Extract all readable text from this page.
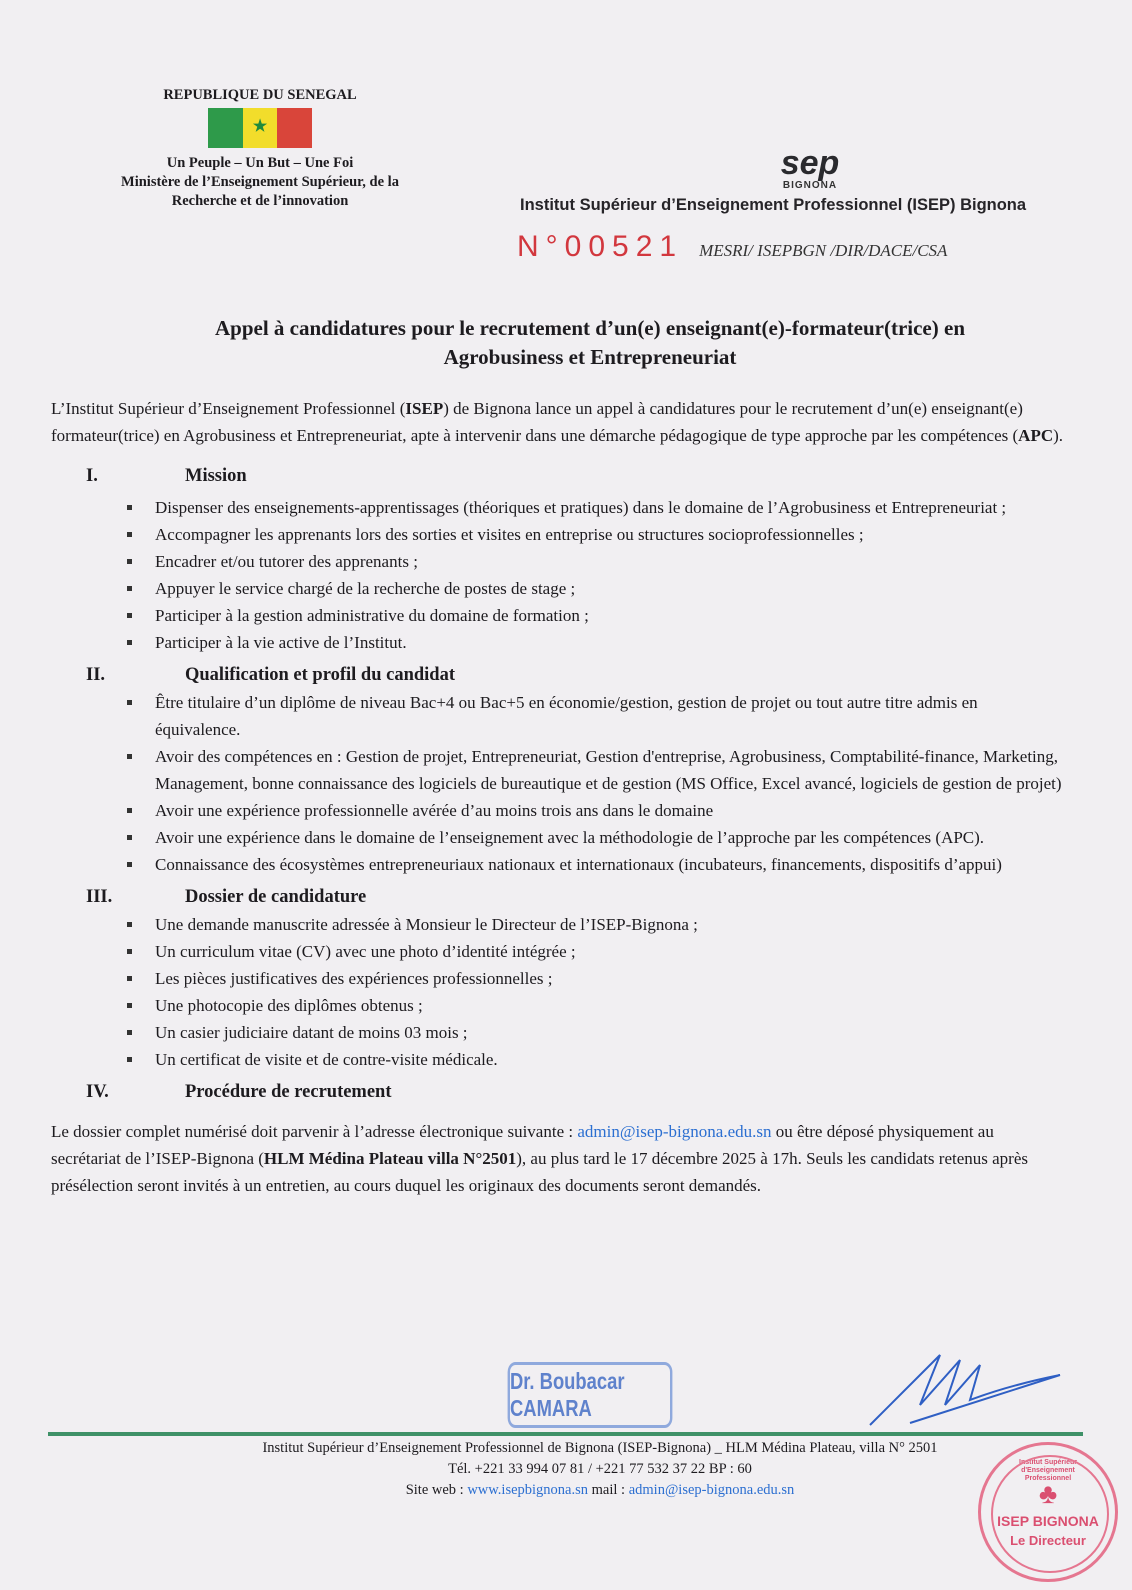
REPUBLIQUE DU SENEGAL
★
Un Peuple – Un But – Une Foi
Ministère de l’Enseignement Supérieur, de la
Recherche et de l’innovation
sep
BIGNONA
Institut Supérieur d’Enseignement Professionnel (ISEP) Bignona
N°00521 MESRI/ ISEPBGN /DIR/DACE/CSA
Appel à candidatures pour le recrutement d’un(e) enseignant(e)-formateur(trice) en
Agrobusiness et Entrepreneuriat

L’Institut Supérieur d’Enseignement Professionnel (ISEP) de Bignona lance un appel à candidatures pour le recrutement d’un(e) enseignant(e) formateur(trice) en Agrobusiness et Entrepreneuriat, apte à intervenir dans une démarche pédagogique de type approche par les compétences (APC).

I.	Mission
Dispenser des enseignements-apprentissages (théoriques et pratiques) dans le domaine de l’Agrobusiness et Entrepreneuriat ;
Accompagner les apprenants lors des sorties et visites en entreprise ou structures socioprofessionnelles ;
Encadrer et/ou tutorer des apprenants ;
Appuyer le service chargé de la recherche de postes de stage ;
Participer à la gestion administrative du domaine de formation ;
Participer à la vie active de l’Institut.
II.	Qualification et profil du candidat
Être titulaire d’un diplôme de niveau Bac+4 ou Bac+5 en économie/gestion, gestion de projet ou tout autre titre admis en équivalence.
Avoir des compétences en : Gestion de projet, Entrepreneuriat, Gestion d'entreprise, Agrobusiness, Comptabilité-finance, Marketing, Management, bonne connaissance des logiciels de bureautique et de gestion (MS Office, Excel avancé, logiciels de gestion de projet)
Avoir une expérience professionnelle avérée d’au moins trois ans dans le domaine
Avoir une expérience dans le domaine de l’enseignement avec la méthodologie de l’approche par les compétences (APC).
Connaissance des écosystèmes entrepreneuriaux nationaux et internationaux (incubateurs, financements, dispositifs d’appui)
III.	Dossier de candidature
Une demande manuscrite adressée à Monsieur le Directeur de l’ISEP-Bignona ;
Un curriculum vitae (CV) avec une photo d’identité intégrée ;
Les pièces justificatives des expériences professionnelles ;
Une photocopie des diplômes obtenus ;
Un casier judiciaire datant de moins 03 mois ;
Un certificat de visite et de contre-visite médicale.
IV.	Procédure de recrutement

Le dossier complet numérisé doit parvenir à l’adresse électronique suivante : admin@isep-bignona.edu.sn ou être déposé physiquement au secrétariat de l’ISEP-Bignona (HLM Médina Plateau villa N°2501), au plus tard le 17 décembre 2025 à 17h. Seuls les candidats retenus après présélection seront invités à un entretien, au cours duquel les originaux des documents seront demandés.

Dr. Boubacar CAMARA
Institut Supérieur d’Enseignement Professionnel de Bignona (ISEP-Bignona) _ HLM Médina Plateau, villa N° 2501
Tél. +221 33 994 07 81 / +221 77 532 37 22 BP : 60
Site web : www.isepbignona.sn mail : admin@isep-bignona.edu.sn
Institut Supérieur d'Enseignement Professionnel
♣
ISEP BIGNONA
Le Directeur
